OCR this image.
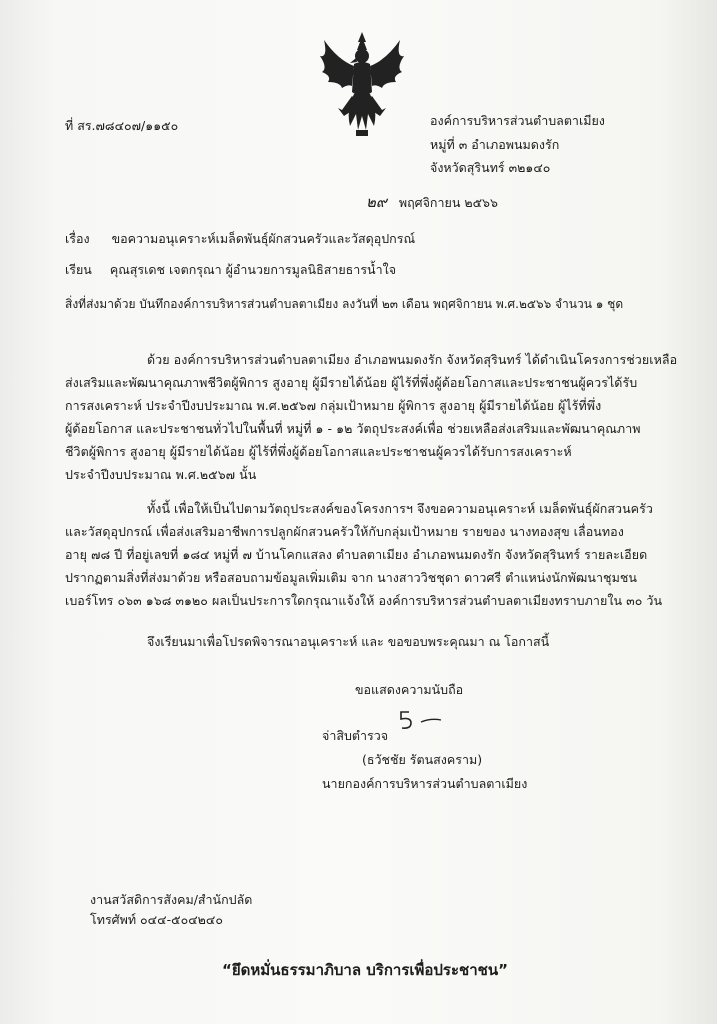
ที่ สร.๗๘๔๐๗/๑๑๕๐	องค์การบริหารส่วนตำบลตาเมียง
หมู่ที่ ๓ อำเภอพนมดงรัก
จังหวัดสุรินทร์ ๓๒๑๔๐
๒๙ พฤศจิกายน ๒๕๖๖
เรื่อง ขอความอนุเคราะห์เมล็ดพันธุ์ผักสวนครัวและวัสดุอุปกรณ์
เรียน คุณสุรเดช เจตกรุณา ผู้อำนวยการมูลนิธิสายธารน้ำใจ
สิ่งที่ส่งมาด้วย บันทึกองค์การบริหารส่วนตำบลตาเมียง ลงวันที่ ๒๓ เดือน พฤศจิกายน พ.ศ.๒๕๖๖ จำนวน ๑ ชุด
ด้วย องค์การบริหารส่วนตำบลตาเมียง อำเภอพนมดงรัก จังหวัดสุรินทร์ ได้ดำเนินโครงการช่วยเหลือ
ส่งเสริมและพัฒนาคุณภาพชีวิตผู้พิการ สูงอายุ ผู้มีรายได้น้อย ผู้ไร้ที่พึ่งผู้ด้อยโอกาสและประชาชนผู้ควรได้รับ
การสงเคราะห์ ประจำปีงบประมาณ พ.ศ.๒๕๖๗ กลุ่มเป้าหมาย ผู้พิการ สูงอายุ ผู้มีรายได้น้อย ผู้ไร้ที่พึ่ง
ผู้ด้อยโอกาส และประชาชนทั่วไปในพื้นที่ หมู่ที่ ๑ - ๑๒ วัตถุประสงค์เพื่อ ช่วยเหลือส่งเสริมและพัฒนาคุณภาพ
ชีวิตผู้พิการ สูงอายุ ผู้มีรายได้น้อย ผู้ไร้ที่พึ่งผู้ด้อยโอกาสและประชาชนผู้ควรได้รับการสงเคราะห์
ประจำปีงบประมาณ พ.ศ.๒๕๖๗ นั้น
ทั้งนี้ เพื่อให้เป็นไปตามวัตถุประสงค์ของโครงการฯ จึงขอความอนุเคราะห์ เมล็ดพันธุ์ผักสวนครัว
และวัสดุอุปกรณ์ เพื่อส่งเสริมอาชีพการปลูกผักสวนครัวให้กับกลุ่มเป้าหมาย รายของ นางทองสุข เลื่อนทอง
อายุ ๗๘ ปี ที่อยู่เลขที่ ๑๘๔ หมู่ที่ ๗ บ้านโคกแสลง ตำบลตาเมียง อำเภอพนมดงรัก จังหวัดสุรินทร์ รายละเอียด
ปรากฏตามสิ่งที่ส่งมาด้วย หรือสอบถามข้อมูลเพิ่มเติม จาก นางสาววิชชุดา ดาวศรี ตำแหน่งนักพัฒนาชุมชน
เบอร์โทร ๐๖๓ ๑๖๘ ๓๑๒๐ ผลเป็นประการใดกรุณาแจ้งให้ องค์การบริหารส่วนตำบลตาเมียงทราบภายใน ๓๐ วัน
จึงเรียนมาเพื่อโปรดพิจารณาอนุเคราะห์ และ ขอขอบพระคุณมา ณ โอกาสนี้
ขอแสดงความนับถือ
จ่าสิบตำรวจ
(ธวัชชัย รัตนสงคราม)
นายกองค์การบริหารส่วนตำบลตาเมียง
งานสวัสดิการสังคม/สำนักปลัด
โทรศัพท์ ๐๔๔-๕๐๔๒๔๐
“ยึดหมั่นธรรมาภิบาล บริการเพื่อประชาชน”
